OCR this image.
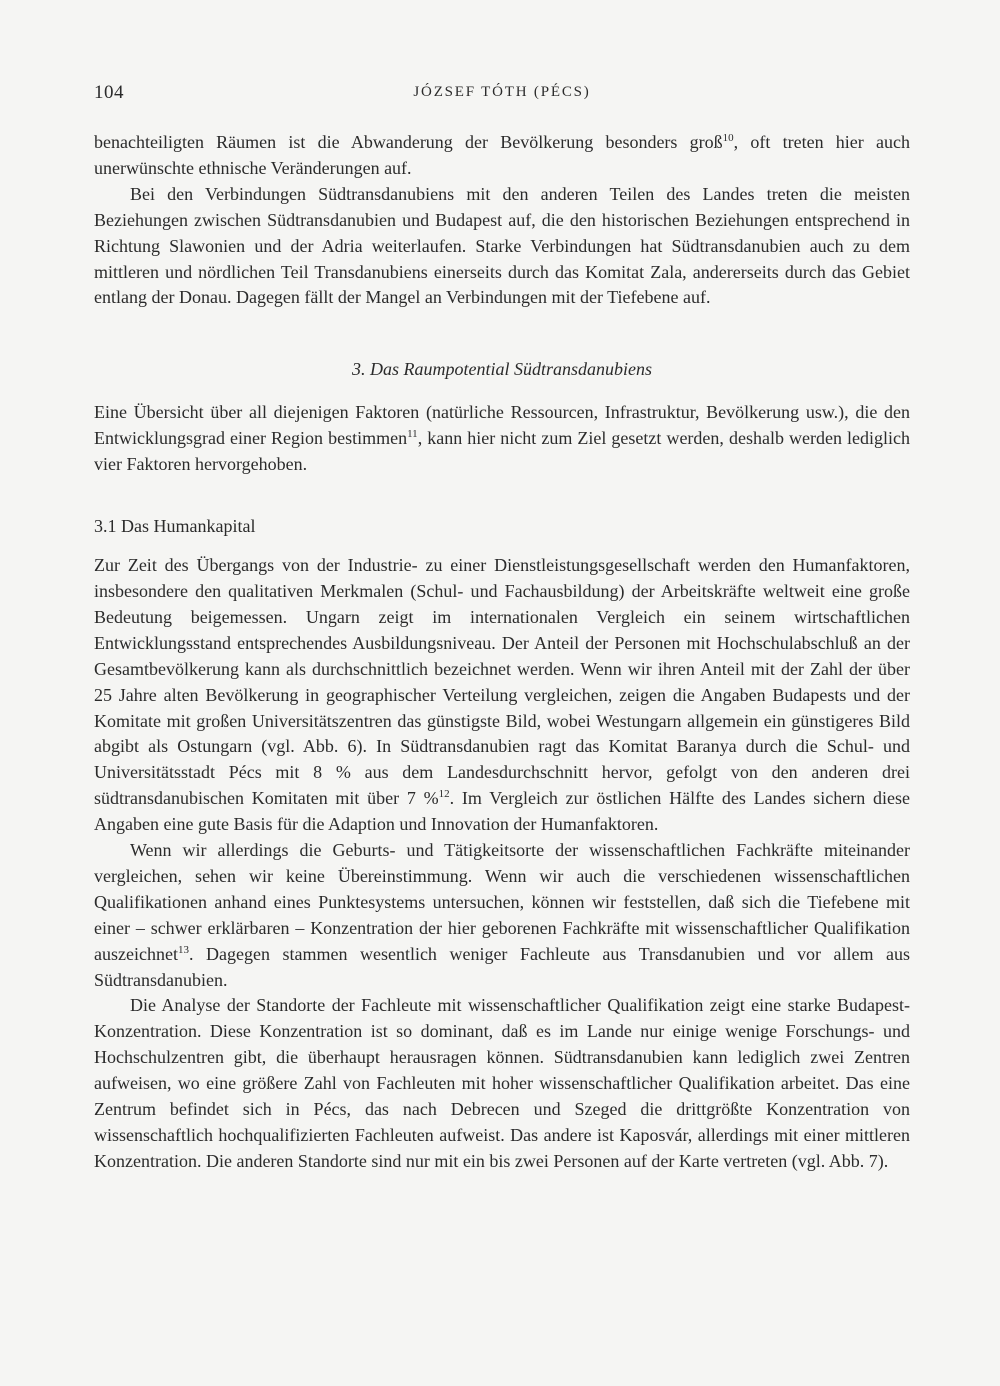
104	JÓZSEF TÓTH (PÉCS)

benachteiligten Räumen ist die Abwanderung der Bevölkerung besonders groß$^{10}$, oft treten hier auch unerwünschte ethnische Veränderungen auf.

Bei den Verbindungen Südtransdanubiens mit den anderen Teilen des Landes treten die meisten Beziehungen zwischen Südtransdanubien und Budapest auf, die den historischen Beziehungen entsprechend in Richtung Slawonien und der Adria weiterlaufen. Starke Verbindungen hat Südtransdanubien auch zu dem mittleren und nördlichen Teil Transdanubiens einerseits durch das Komitat Zala, andererseits durch das Gebiet entlang der Donau. Dagegen fällt der Mangel an Verbindungen mit der Tiefebene auf.

3. Das Raumpotential Südtransdanubiens

Eine Übersicht über all diejenigen Faktoren (natürliche Ressourcen, Infrastruktur, Bevölkerung usw.), die den Entwicklungsgrad einer Region bestimmen$^{11}$, kann hier nicht zum Ziel gesetzt werden, deshalb werden lediglich vier Faktoren hervorgehoben.

3.1 Das Humankapital

Zur Zeit des Übergangs von der Industrie- zu einer Dienstleistungsgesellschaft werden den Humanfaktoren, insbesondere den qualitativen Merkmalen (Schul- und Fachausbildung) der Arbeitskräfte weltweit eine große Bedeutung beigemessen. Ungarn zeigt im internationalen Vergleich ein seinem wirtschaftlichen Entwicklungsstand entsprechendes Ausbildungsniveau. Der Anteil der Personen mit Hochschulabschluß an der Gesamtbevölkerung kann als durchschnittlich bezeichnet werden. Wenn wir ihren Anteil mit der Zahl der über 25 Jahre alten Bevölkerung in geographischer Verteilung vergleichen, zeigen die Angaben Budapests und der Komitate mit großen Universitätszentren das günstigste Bild, wobei Westungarn allgemein ein günstigeres Bild abgibt als Ostungarn (vgl. Abb. 6). In Südtransdanubien ragt das Komitat Baranya durch die Schul- und Universitätsstadt Pécs mit 8 % aus dem Landesdurchschnitt hervor, gefolgt von den anderen drei südtransdanubischen Komitaten mit über 7 %$^{12}$. Im Vergleich zur östlichen Hälfte des Landes sichern diese Angaben eine gute Basis für die Adaption und Innovation der Humanfaktoren.

Wenn wir allerdings die Geburts- und Tätigkeitsorte der wissenschaftlichen Fachkräfte miteinander vergleichen, sehen wir keine Übereinstimmung. Wenn wir auch die verschiedenen wissenschaftlichen Qualifikationen anhand eines Punktesystems untersuchen, können wir feststellen, daß sich die Tiefebene mit einer – schwer erklärbaren – Konzentration der hier geborenen Fachkräfte mit wissenschaftlicher Qualifikation auszeichnet$^{13}$. Dagegen stammen wesentlich weniger Fachleute aus Transdanubien und vor allem aus Südtransdanubien.

Die Analyse der Standorte der Fachleute mit wissenschaftlicher Qualifikation zeigt eine starke Budapest-Konzentration. Diese Konzentration ist so dominant, daß es im Lande nur einige wenige Forschungs- und Hochschulzentren gibt, die überhaupt herausragen können. Südtransdanubien kann lediglich zwei Zentren aufweisen, wo eine größere Zahl von Fachleuten mit hoher wissenschaftlicher Qualifikation arbeitet. Das eine Zentrum befindet sich in Pécs, das nach Debrecen und Szeged die drittgrößte Konzentration von wissenschaftlich hochqualifizierten Fachleuten aufweist. Das andere ist Kaposvár, allerdings mit einer mittleren Konzentration. Die anderen Standorte sind nur mit ein bis zwei Personen auf der Karte vertreten (vgl. Abb. 7).
